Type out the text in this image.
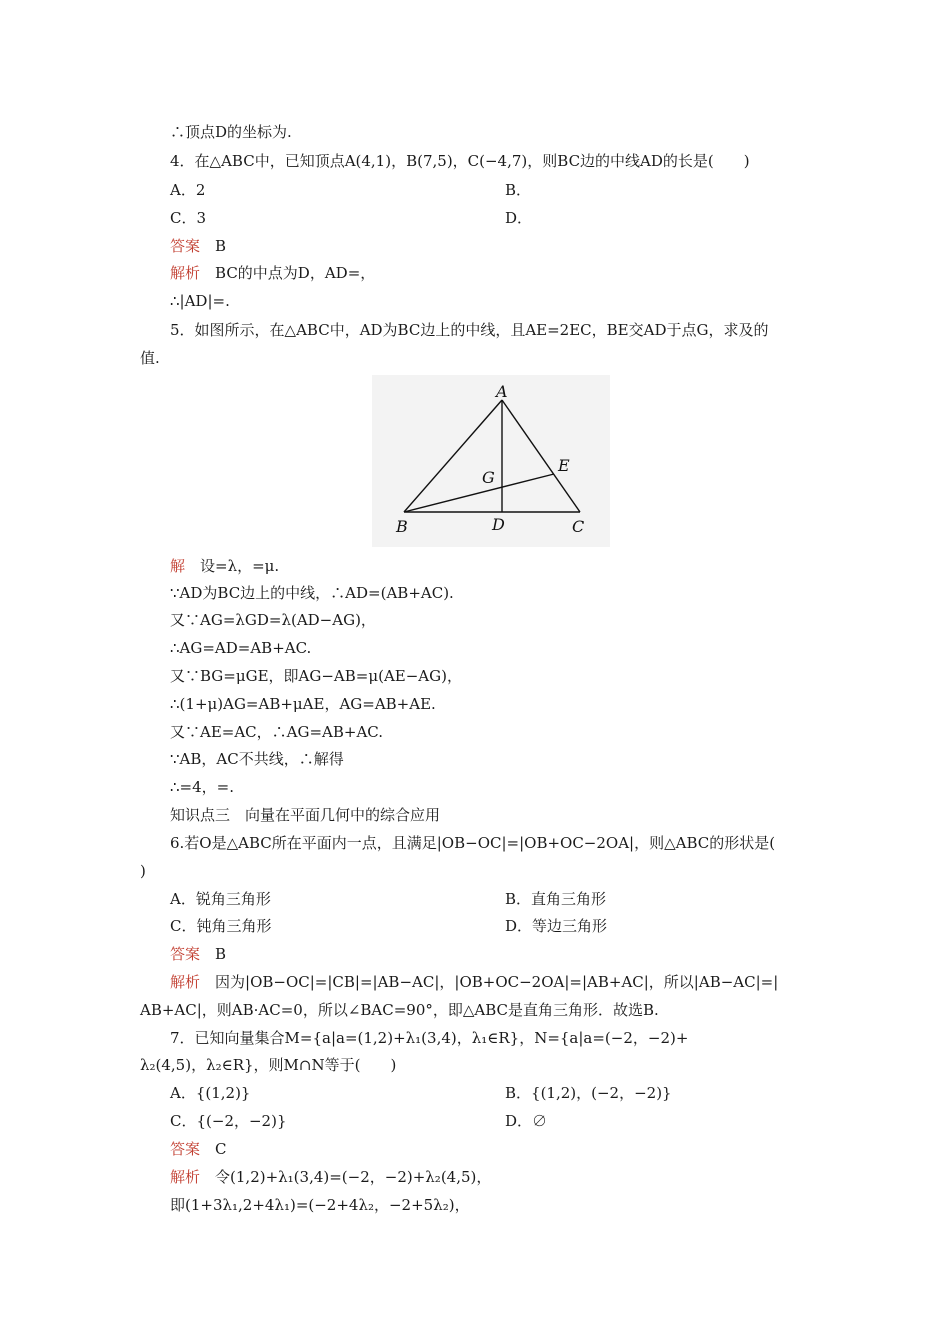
∴顶点D的坐标为.
4．在△ABC中，已知顶点A(4,1)，B(7,5)，C(−4,7)，则BC边的中线AD的长是(　　)
A．2	B．
C．3	D．
答案　 B
解析　 BC的中点为D，AD=，
∴|AD|=.
5．如图所示，在△ABC中，AD为BC边上的中线，且AE=2EC，BE交AD于点G，求及的
值.
A
B	C
D
E
G
解　 设=λ，=μ.
∵AD为BC边上的中线，∴AD=(AB+AC).
又∵AG=λGD=λ(AD−AG)，
∴AG=AD=AB+AC.
又∵BG=μGE，即AG−AB=μ(AE−AG)，
∴(1+μ)AG=AB+μAE，AG=AB+AE.
又∵AE=AC，∴AG=AB+AC.
∵AB，AC不共线，∴解得
∴=4，=.
知识点三　向量在平面几何中的综合应用
6.若O是△ABC所在平面内一点，且满足|OB−OC|=|OB+OC−2OA|，则△ABC的形状是(
)
A．锐角三角形	B．直角三角形
C．钝角三角形	D．等边三角形
答案　 B
解析　 因为|OB−OC|=|CB|=|AB−AC|，|OB+OC−2OA|=|AB+AC|，所以|AB−AC|=|
AB+AC|，则AB·AC=0，所以∠BAC=90°，即△ABC是直角三角形．故选B.
7．已知向量集合M={a|a=(1,2)+λ₁(3,4)，λ₁∈R}，N={a|a=(−2，−2)+
λ₂(4,5)，λ₂∈R}，则M∩N等于(　　)
A．{(1,2)}	B．{(1,2)，(−2，−2)}
C．{(−2，−2)}	D．∅
答案　 C
解析　 令(1,2)+λ₁(3,4)=(−2，−2)+λ₂(4,5)，
即(1+3λ₁,2+4λ₁)=(−2+4λ₂，−2+5λ₂)，
